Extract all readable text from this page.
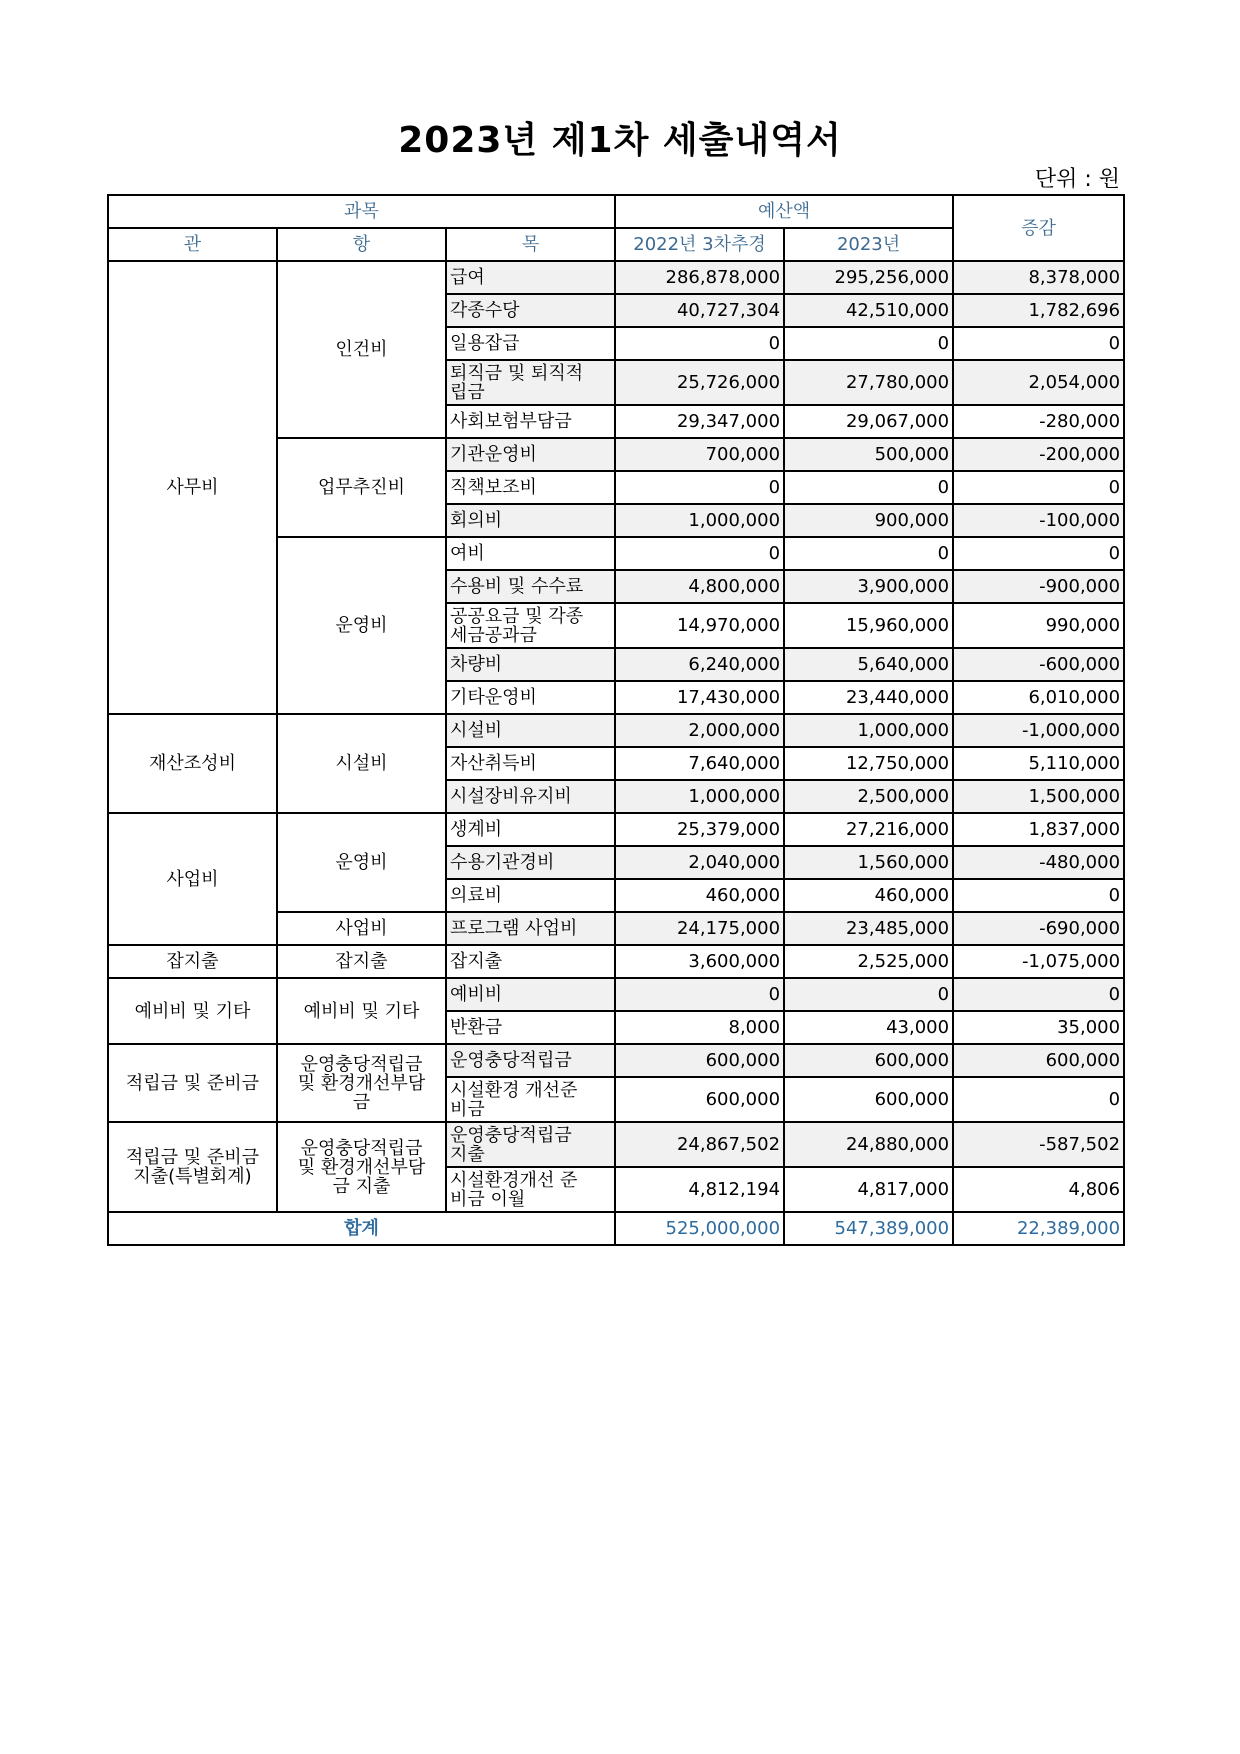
2023년 제1차 세출내역서
단위 : 원
과목			예산액		증감
관	항	목	2022년 3차추경	2023년	
사무비	인건비	급여	286,878,000	295,256,000	8,378,000
		각종수당	40,727,304	42,510,000	1,782,696
		일용잡급	0	0	0

		퇴직금 및 퇴직적
립금	25,726,000	27,780,000	2,054,000
		사회보험부담금	29,347,000	29,067,000	-280,000
	업무추진비	기관운영비	700,000	500,000	-200,000
		직책보조비	0	0	0
		회의비	1,000,000	900,000	-100,000
	운영비	여비	0	0	0
		수용비 및 수수료	4,800,000	3,900,000	-900,000

		공공요금 및 각종
세금공과금	14,970,000	15,960,000	990,000
		차량비	6,240,000	5,640,000	-600,000
		기타운영비	17,430,000	23,440,000	6,010,000
재산조성비	시설비	시설비	2,000,000	1,000,000	-1,000,000
		자산취득비	7,640,000	12,750,000	5,110,000
		시설장비유지비	1,000,000	2,500,000	1,500,000
사업비	운영비	생계비	25,379,000	27,216,000	1,837,000
		수용기관경비	2,040,000	1,560,000	-480,000
		의료비	460,000	460,000	0
	사업비	프로그램 사업비	24,175,000	23,485,000	-690,000
잡지출	잡지출	잡지출	3,600,000	2,525,000	-1,075,000
예비비 및 기타	예비비 및 기타	예비비	0	0	0
		반환금	8,000	43,000	35,000
적립금 및 준비금	운영충당적립금
및 환경개선부담
금	운영충당적립금	600,000	600,000	600,000

		시설환경 개선준
비금	600,000	600,000	0

적립금 및 준비금
지출(특별회계)	운영충당적립금
및 환경개선부담
금 지출	운영충당적립금
지출	24,867,502	24,880,000	-587,502

		시설환경개선 준
비금 이월	4,812,194	4,817,000	4,806
합계			525,000,000	547,389,000	22,389,000
